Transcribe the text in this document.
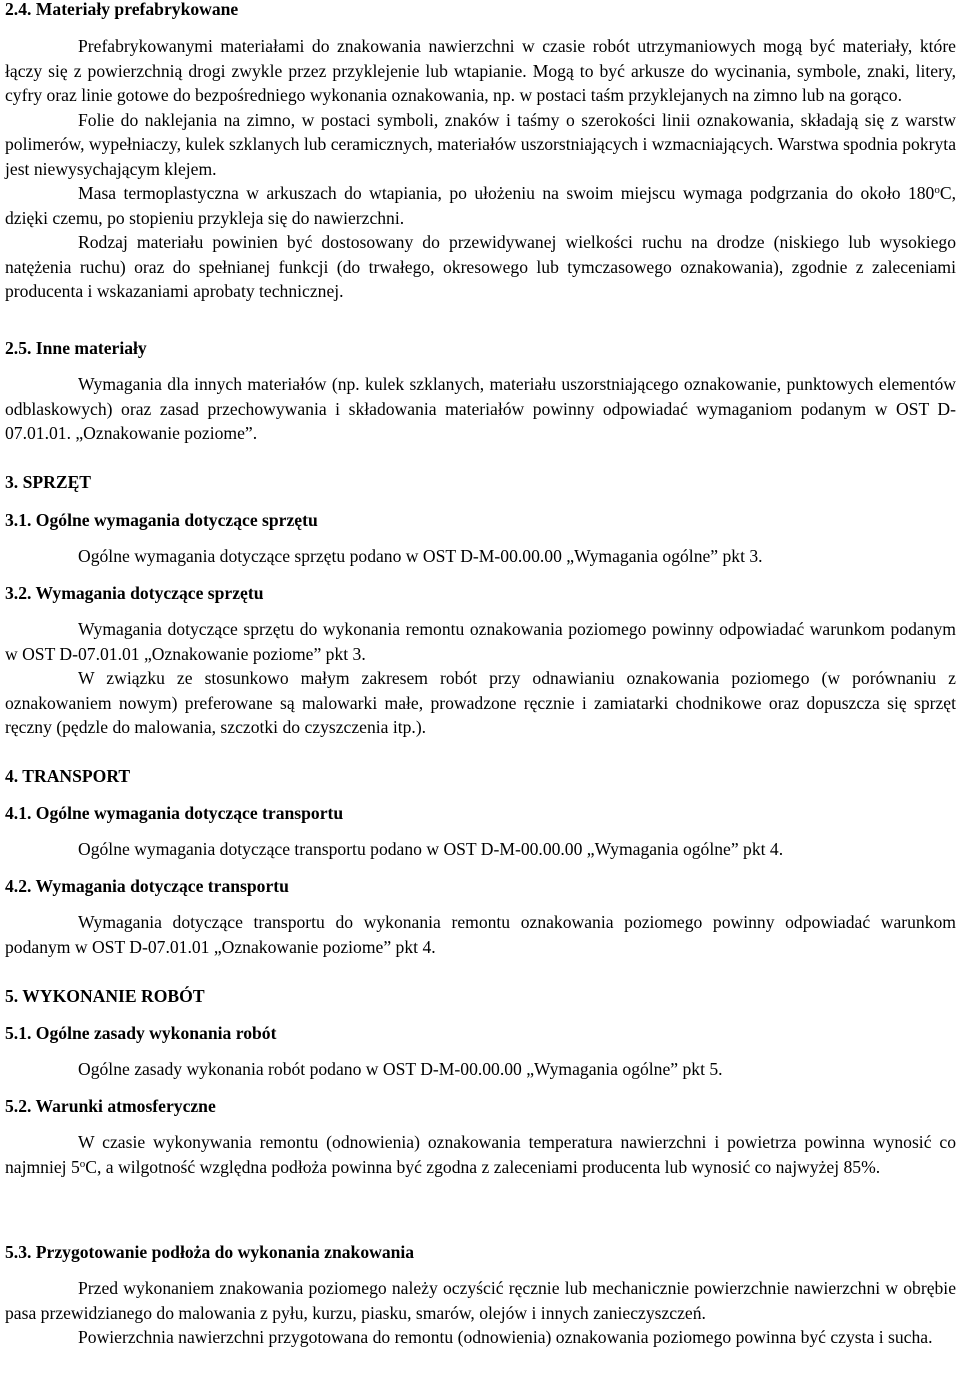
2.4. Materiały prefabrykowane

Prefabrykowanymi materiałami do znakowania nawierzchni w czasie robót utrzymaniowych mogą być materiały, które łączy się z powierzchnią drogi zwykle przez przyklejenie lub wtapianie. Mogą to być arkusze do wycinania, symbole, znaki, litery, cyfry oraz linie gotowe do bezpośredniego wykonania oznakowania, np. w postaci taśm przyklejanych na zimno lub na gorąco.

Folie do naklejania na zimno, w postaci symboli, znaków i taśmy o szerokości linii oznakowania, składają się z warstw polimerów, wypełniaczy, kulek szklanych lub ceramicznych, materiałów uszorstniających i wzmacniających. Warstwa spodnia pokryta jest niewysychającym klejem.

Masa termoplastyczna w arkuszach do wtapiania, po ułożeniu na swoim miejscu wymaga podgrzania do około 180$^o$C, dzięki czemu, po stopieniu przykleja się do nawierzchni.

Rodzaj materiału powinien być dostosowany do przewidywanej wielkości ruchu na drodze (niskiego lub wysokiego natężenia ruchu) oraz do spełnianej funkcji (do trwałego, okresowego lub tymczasowego oznakowania), zgodnie z zaleceniami producenta i wskazaniami aprobaty technicznej.

2.5. Inne materiały

Wymagania dla innych materiałów (np. kulek szklanych, materiału uszorstniającego oznakowanie, punktowych elementów odblaskowych) oraz zasad przechowywania i składowania materiałów powinny odpowiadać wymaganiom podanym w OST D-07.01.01. „Oznakowanie poziome”.

3. SPRZĘT
3.1. Ogólne wymagania dotyczące sprzętu

Ogólne wymagania dotyczące sprzętu podano w OST D-M-00.00.00 „Wymagania ogólne” pkt 3.

3.2. Wymagania dotyczące sprzętu

Wymagania dotyczące sprzętu do wykonania remontu oznakowania poziomego powinny odpowiadać warunkom podanym w OST D-07.01.01 „Oznakowanie poziome” pkt 3.

W związku ze stosunkowo małym zakresem robót przy odnawianiu oznakowania poziomego (w porównaniu z oznakowaniem nowym) preferowane są malowarki małe, prowadzone ręcznie i zamiatarki chodnikowe oraz dopuszcza się sprzęt ręczny (pędzle do malowania, szczotki do czyszczenia itp.).

4. TRANSPORT
4.1. Ogólne wymagania dotyczące transportu

Ogólne wymagania dotyczące transportu podano w OST D-M-00.00.00 „Wymagania ogólne” pkt 4.

4.2. Wymagania dotyczące transportu

Wymagania dotyczące transportu do wykonania remontu oznakowania poziomego powinny odpowiadać warunkom podanym w OST D-07.01.01 „Oznakowanie poziome” pkt 4.

5. WYKONANIE ROBÓT
5.1. Ogólne zasady wykonania robót

Ogólne zasady wykonania robót podano w OST D-M-00.00.00 „Wymagania ogólne” pkt 5.

5.2. Warunki atmosferyczne

W czasie wykonywania remontu (odnowienia) oznakowania temperatura nawierzchni i powietrza powinna wynosić co najmniej 5$^o$C, a wilgotność względna podłoża powinna być zgodna z zaleceniami producenta lub wynosić co najwyżej 85%.

5.3. Przygotowanie podłoża do wykonania znakowania

Przed wykonaniem znakowania poziomego należy oczyścić ręcznie lub mechanicznie powierzchnie nawierzchni w obrębie pasa przewidzianego do malowania z pyłu, kurzu, piasku, smarów, olejów i innych zanieczyszczeń.

Powierzchnia nawierzchni przygotowana do remontu (odnowienia) oznakowania poziomego powinna być czysta i sucha.
